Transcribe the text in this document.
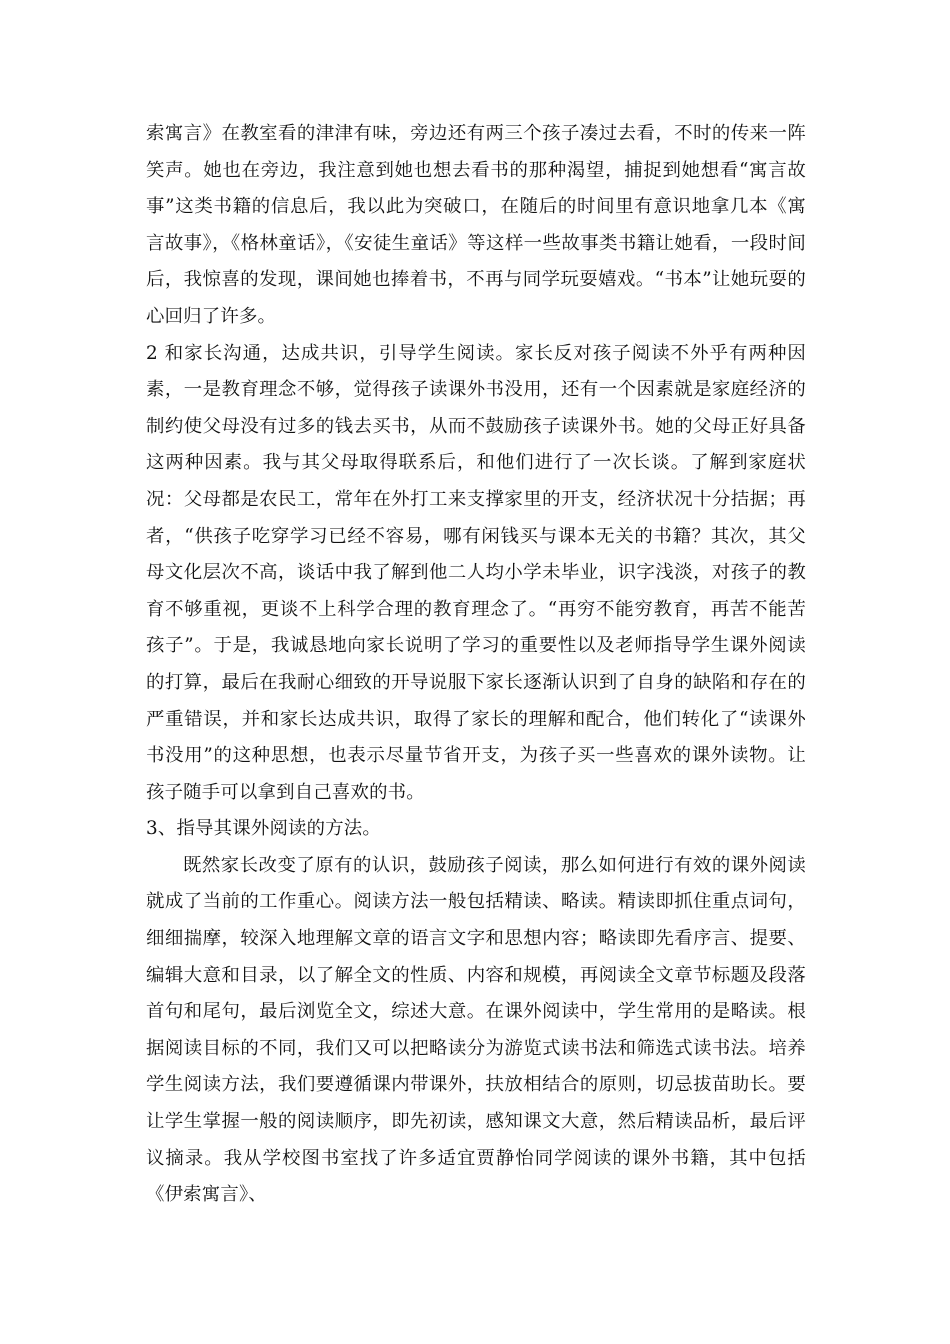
索寓言》在教室看的津津有味，旁边还有两三个孩子凑过去看，不时的传来一阵笑声。她也在旁边，我注意到她也想去看书的那种渴望，捕捉到她想看“寓言故事”这类书籍的信息后，我以此为突破口，在随后的时间里有意识地拿几本《寓言故事》，《格林童话》，《安徒生童话》等这样一些故事类书籍让她看，一段时间后，我惊喜的发现，课间她也捧着书，不再与同学玩耍嬉戏。“书本”让她玩耍的心回归了许多。

2 和家长沟通，达成共识，引导学生阅读。家长反对孩子阅读不外乎有两种因素，一是教育理念不够，觉得孩子读课外书没用，还有一个因素就是家庭经济的制约使父母没有过多的钱去买书，从而不鼓励孩子读课外书。她的父母正好具备这两种因素。我与其父母取得联系后，和他们进行了一次长谈。了解到家庭状况：父母都是农民工，常年在外打工来支撑家里的开支，经济状况十分拮据；再者，“供孩子吃穿学习已经不容易，哪有闲钱买与课本无关的书籍？其次，其父母文化层次不高，谈话中我了解到他二人均小学未毕业，识字浅淡，对孩子的教育不够重视，更谈不上科学合理的教育理念了。“再穷不能穷教育，再苦不能苦孩子”。于是，我诚恳地向家长说明了学习的重要性以及老师指导学生课外阅读的打算，最后在我耐心细致的开导说服下家长逐渐认识到了自身的缺陷和存在的严重错误，并和家长达成共识，取得了家长的理解和配合，他们转化了“读课外书没用”的这种思想，也表示尽量节省开支，为孩子买一些喜欢的课外读物。让孩子随手可以拿到自己喜欢的书。

3、指导其课外阅读的方法。

既然家长改变了原有的认识，鼓励孩子阅读，那么如何进行有效的课外阅读就成了当前的工作重心。阅读方法一般包括精读、略读。精读即抓住重点词句，细细揣摩，较深入地理解文章的语言文字和思想内容；略读即先看序言、提要、编辑大意和目录，以了解全文的性质、内容和规模，再阅读全文章节标题及段落首句和尾句，最后浏览全文，综述大意。在课外阅读中，学生常用的是略读。根据阅读目标的不同，我们又可以把略读分为游览式读书法和筛选式读书法。培养学生阅读方法，我们要遵循课内带课外，扶放相结合的原则，切忌拔苗助长。要让学生掌握一般的阅读顺序，即先初读，感知课文大意，然后精读品析，最后评议摘录。我从学校图书室找了许多适宜贾静怡同学阅读的课外书籍，其中包括《伊索寓言》、
